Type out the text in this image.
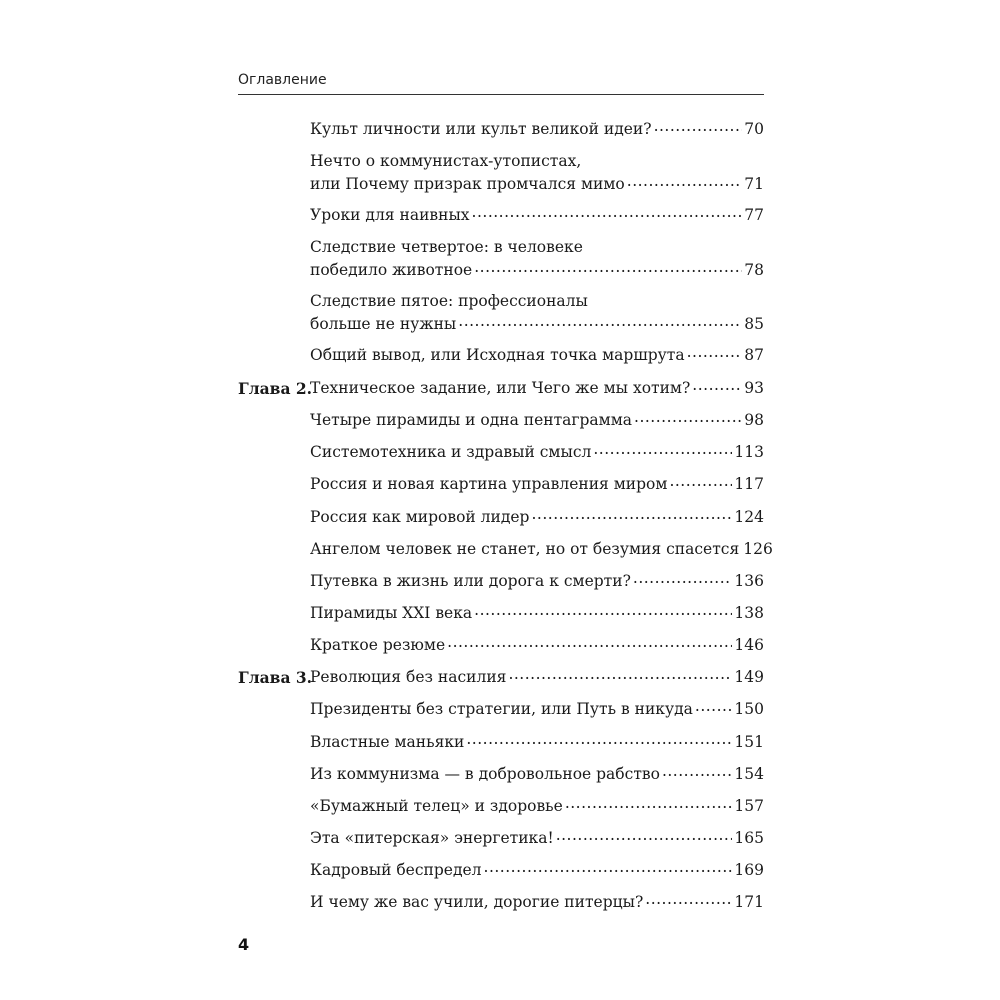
Оглавление
Культ личности или культ великой идеи? .....	70
Нечто о коммунистах-утопистах,
или Почему призрак промчался мимо .....	71
Уроки для наивных .....	77
Следствие четвертое: в человеке
победило животное .....	78
Следствие пятое: профессионалы
больше не нужны .....	85
Общий вывод, или Исходная точка маршрута .....	87
Глава 2.
Техническое задание, или Чего же мы хотим? .....	93
Четыре пирамиды и одна пентаграмма .....	98
Системотехника и здравый смысл .....	113
Россия и новая картина управления миром .....	117
Россия как мировой лидер .....	124
Ангелом человек не станет, но от безумия спасется 126
Путевка в жизнь или дорога к смерти? .....	136
Пирамиды XXI века .....	138
Краткое резюме .....	146
Глава 3.
Революция без насилия .....	149
Президенты без стратегии, или Путь в никуда .....	150
Властные маньяки .....	151
Из коммунизма — в добровольное рабство .....	154
«Бумажный телец» и здоровье .....	157
Эта «питерская» энергетика! .....	165
Кадровый беспредел .....	169
И чему же вас учили, дорогие питерцы? .....	171
4
